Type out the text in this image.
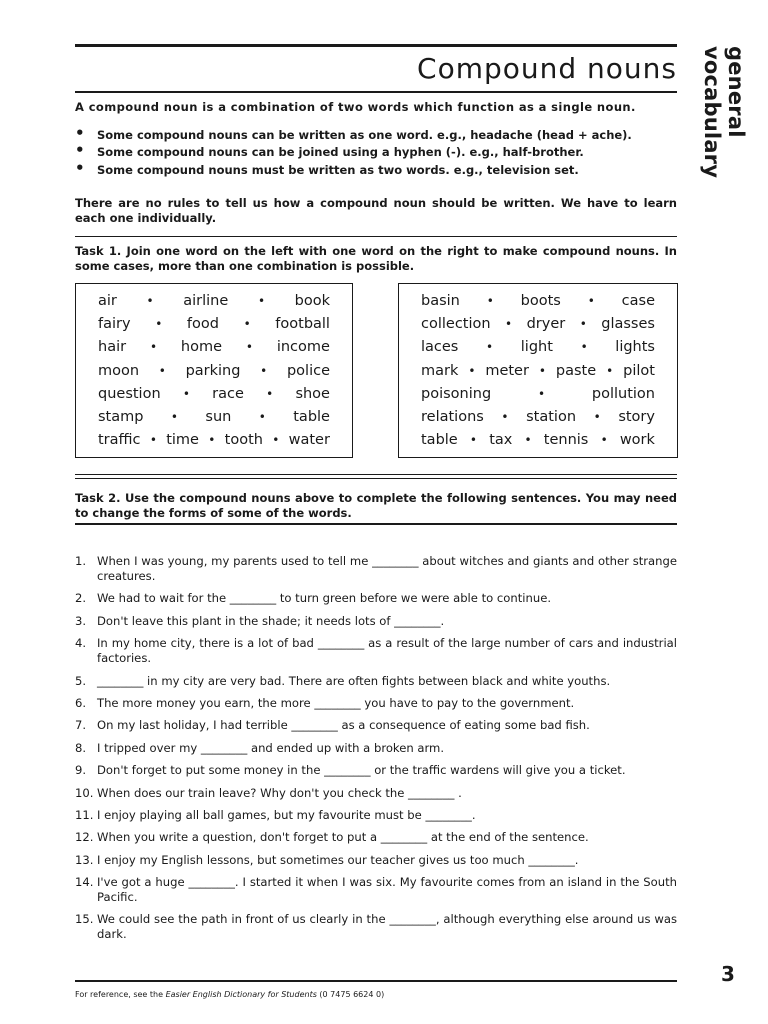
Compound nouns	general vocabulary
A compound noun is a combination of two words which function as a single noun.
• Some compound nouns can be written as one word. e.g., headache (head + ache).
• Some compound nouns can be joined using a hyphen (-). e.g., half-brother.
• Some compound nouns must be written as two words. e.g., television set.
There are no rules to tell us how a compound noun should be written. We have to learn each one individually.
Task 1. Join one word on the left with one word on the right to make compound nouns. In some cases, more than one combination is possible.
air • airline • book
fairy • food • football
hair • home • income
moon • parking • police
question • race • shoe
stamp • sun • table
traffic • time • tooth • water
basin • boots • case
collection • dryer • glasses
laces • light • lights
mark • meter • paste • pilot
poisoning	•	pollution
relations • station • story
table • tax • tennis • work
Task 2. Use the compound nouns above to complete the following sentences. You may need to change the forms of some of the words.
1. When I was young, my parents used to tell me ________ about witches and giants and other strange creatures.
2. We had to wait for the ________ to turn green before we were able to continue.
3. Don't leave this plant in the shade; it needs lots of ________.
4. In my home city, there is a lot of bad ________ as a result of the large number of cars and industrial factories.
5. ________ in my city are very bad. There are often fights between black and white youths.
6. The more money you earn, the more ________ you have to pay to the government.
7. On my last holiday, I had terrible ________ as a consequence of eating some bad fish.
8. I tripped over my ________ and ended up with a broken arm.
9. Don't forget to put some money in the ________ or the traffic wardens will give you a ticket.
10. When does our train leave? Why don't you check the ________ .
11. I enjoy playing all ball games, but my favourite must be ________.
12. When you write a question, don't forget to put a ________ at the end of the sentence.
13. I enjoy my English lessons, but sometimes our teacher gives us too much ________.
14. I've got a huge ________. I started it when I was six. My favourite comes from an island in the South Pacific.
15. We could see the path in front of us clearly in the ________, although everything else around us was dark.
3
For reference, see the Easier English Dictionary for Students (0 7475 6624 0)
